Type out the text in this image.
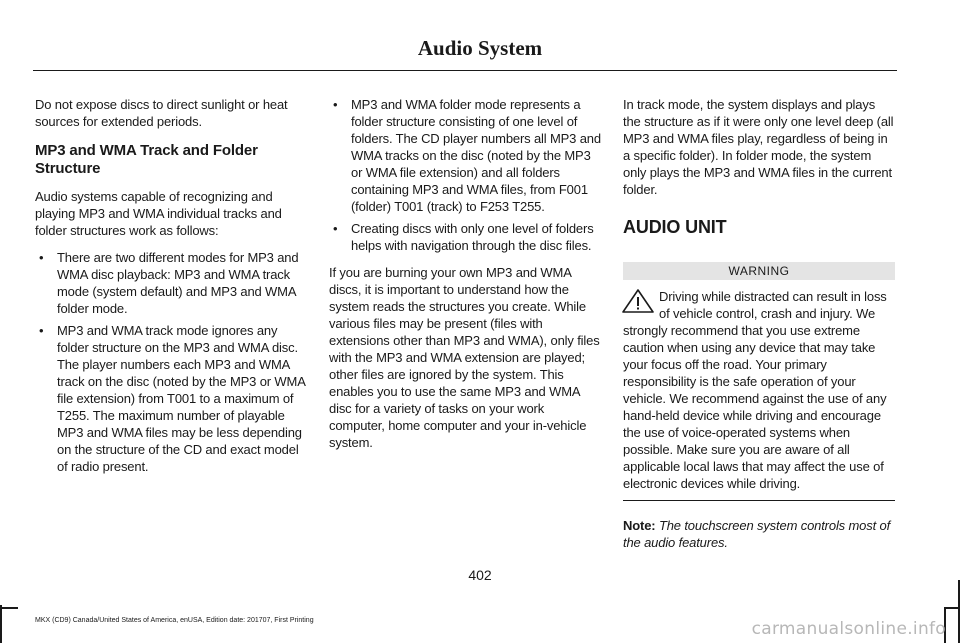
Audio System

Do not expose discs to direct sunlight or heat sources for extended periods.

MP3 and WMA Track and Folder Structure

Audio systems capable of recognizing and playing MP3 and WMA individual tracks and folder structures work as follows:

• There are two different modes for MP3 and WMA disc playback: MP3 and WMA track mode (system default) and MP3 and WMA folder mode.
• MP3 and WMA track mode ignores any folder structure on the MP3 and WMA disc. The player numbers each MP3 and WMA track on the disc (noted by the MP3 or WMA file extension) from T001 to a maximum of T255. The maximum number of playable MP3 and WMA files may be less depending on the structure of the CD and exact model of radio present.
• MP3 and WMA folder mode represents a folder structure consisting of one level of folders. The CD player numbers all MP3 and WMA tracks on the disc (noted by the MP3 or WMA file extension) and all folders containing MP3 and WMA files, from F001 (folder) T001 (track) to F253 T255.
• Creating discs with only one level of folders helps with navigation through the disc files.

If you are burning your own MP3 and WMA discs, it is important to understand how the system reads the structures you create. While various files may be present (files with extensions other than MP3 and WMA), only files with the MP3 and WMA extension are played; other files are ignored by the system. This enables you to use the same MP3 and WMA disc for a variety of tasks on your work computer, home computer and your in-vehicle system.

In track mode, the system displays and plays the structure as if it were only one level deep (all MP3 and WMA files play, regardless of being in a specific folder). In folder mode, the system only plays the MP3 and WMA files in the current folder.

AUDIO UNIT
WARNING
Driving while distracted can result in loss of vehicle control, crash and injury. We strongly recommend that you use extreme caution when using any device that may take your focus off the road. Your primary responsibility is the safe operation of your vehicle. We recommend against the use of any hand-held device while driving and encourage the use of voice-operated systems when possible. Make sure you are aware of all applicable local laws that may affect the use of electronic devices while driving.

Note: The touchscreen system controls most of the audio features.

402

MKX (CD9) Canada/United States of America, enUSA, Edition date: 201707, First Printing	carmanualsonline.info
